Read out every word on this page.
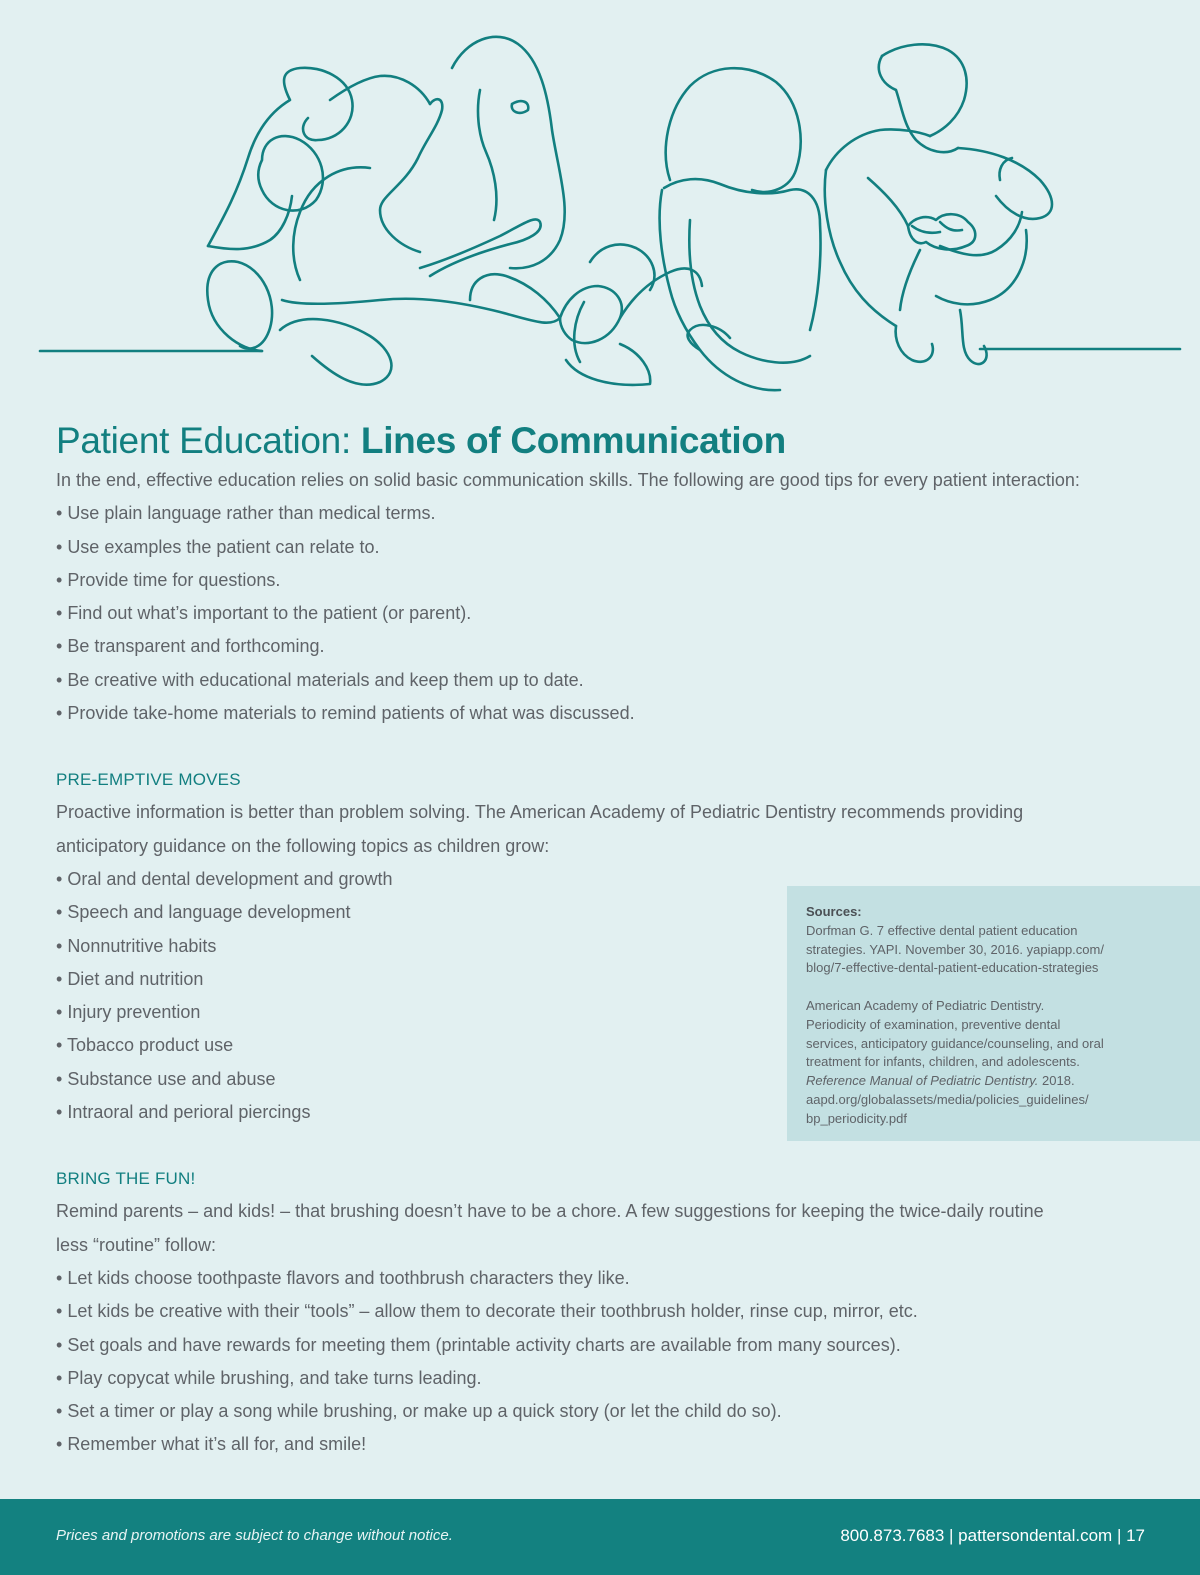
Patient Education: Lines of Communication

In the end, effective education relies on solid basic communication skills. The following are good tips for every patient interaction:

• Use plain language rather than medical terms.
• Use examples the patient can relate to.
• Provide time for questions.
• Find out what’s important to the patient (or parent).
• Be transparent and forthcoming.
• Be creative with educational materials and keep them up to date.
• Provide take-home materials to remind patients of what was discussed.
PRE-EMPTIVE MOVES

Proactive information is better than problem solving. The American Academy of Pediatric Dentistry recommends providing

anticipatory guidance on the following topics as children grow:

• Oral and dental development and growth
• Speech and language development
• Nonnutritive habits
• Diet and nutrition
• Injury prevention
• Tobacco product use
• Substance use and abuse
• Intraoral and perioral piercings
BRING THE FUN!

Remind parents – and kids! – that brushing doesn’t have to be a chore. A few suggestions for keeping the twice-daily routine

less “routine” follow:

• Let kids choose toothpaste flavors and toothbrush characters they like.
• Let kids be creative with their “tools” – allow them to decorate their toothbrush holder, rinse cup, mirror, etc.
• Set goals and have rewards for meeting them (printable activity charts are available from many sources).
• Play copycat while brushing, and take turns leading.
• Set a timer or play a song while brushing, or make up a quick story (or let the child do so).
• Remember what it’s all for, and smile!
Sources:
Dorfman G. 7 effective dental patient education
strategies. YAPI. November 30, 2016. yapiapp.com/
blog/7-effective-dental-patient-education-strategies
American Academy of Pediatric Dentistry.
Periodicity of examination, preventive dental
services, anticipatory guidance/counseling, and oral
treatment for infants, children, and adolescents.
Reference Manual of Pediatric Dentistry. 2018.
aapd.org/globalassets/media/policies_guidelines/
bp_periodicity.pdf
Prices and promotions are subject to change without notice.	800.873.7683 | pattersondental.com | 17
